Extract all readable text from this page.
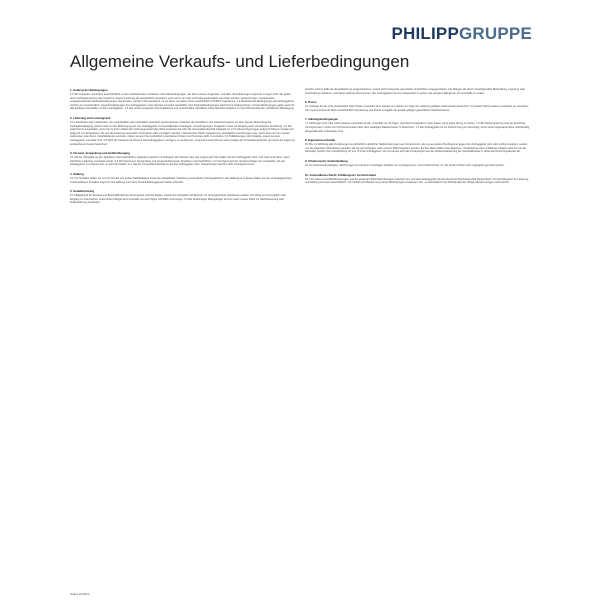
PHILIPPGRUPPE
Allgemeine Verkaufs- und Lieferbedingungen
1. Geltung der Bedingungen

1.1 Wir verkaufen und liefern ausschließlich zu den nachstehenden Verkaufs- und Lieferbedingungen, die über unseren Angeboten und allen Vereinbarungen zugrunde zu legen sind. Sie gelten durch Auftragserteilung oder Annahme unserer Lieferung als ausdrücklich anerkannt, auch wenn sie nicht nochmals ausdrücklich vereinbart werden. Abweichungen, insbesondere entgegenstehende Einkaufsbedingungen des Kunden, werden nicht anerkannt, es sei denn, wir haben ihnen ausdrücklich schriftlich zugestimmt. 1.2 Abweichende Bedingungen des Auftraggebers sind für uns unverbindlich. Gegenbestätigungen des Auftraggebers unter Hinweis auf seine Geschäfts- bzw. Einkaufsbedingungen wird hiermit widersprochen. Unsere Bedingungen gelten auch für alle künftigen Geschäfte mit dem Auftraggeber. 1.3 Alle unsere Angebote sind freibleibend und unverbindlich. Mündliche Nebenabreden bedürfen zu ihrer Wirksamkeit der schriftlichen Bestätigung.

2. Lieferung und Leistungszeit

2.1 Lieferfristen oder Lieferzeiten, die unverbindlich oder verbindlich vereinbart werden können, bedürfen der Schriftform. Die Lieferfrist beginnt mit dem Tag der Absendung der Auftragsbestätigung, jedoch nicht vor der Beibringung der vom Auftraggeber zu beschaffenden Unterlagen, Genehmigungen, Freigaben sowie vor Eingang einer vereinbarten Anzahlung. 2.2 Die Lieferfrist ist eingehalten, wenn bis zu ihrem Ablauf der Liefergegenstand das Werk verlassen hat oder die Versandbereitschaft mitgeteilt ist. 2.3 Lieferverzögerungen aufgrund höherer Gewalt und aufgrund von Ereignissen, die uns die Lieferung wesentlich erschweren oder unmöglich machen, insbesondere Streik, Aussperrung, behördliche Anordnungen usw., auch wenn sie bei unseren Lieferanten oder deren Unterlieferanten eintreten, haben wir auch bei verbindlich vereinbarten Fristen und Terminen nicht zu vertreten. 2.4 Teillieferungen sind zulässig, soweit sie dem Auftraggeber zumutbar sind. 2.5 Wird der Versand auf Wunsch des Auftraggebers verzögert, so werden ihm, beginnend einen Monat nach Anzeige der Versandbereitschaft, die durch die Lagerung entstandenen Kosten berechnet.

3. Versand, Verpackung und Gefahrübergang

3.1 Mit der Übergabe an den Spediteur oder Frachtführer, spätestens jedoch mit Verlassen des Werkes oder des Lagers geht die Gefahr auf den Auftraggeber über, und zwar auch dann, wenn frachtfreie Lieferung vereinbart wurde. 3.2 Wir bestimmen Versandweg und Versandmittel sowie Spediteur und Frachtführer. 3.3 Verzögert sich der Versand infolge von Umständen, die der Auftraggeber zu vertreten hat, so geht die Gefahr vom Tag der Versandbereitschaft an auf den Auftraggeber über. Verpackungen werden nicht zurückgenommen.

4. Haftung

4.1 Für Schäden haften wir nur bei Vorsatz und grober Fahrlässigkeit sowie bei schuldhafter Verletzung wesentlicher Vertragspflichten. Die Haftung ist in diesen Fällen auf den vertragstypischen, vorhersehbaren Schaden begrenzt. Die Haftung nach dem Produkthaftungsgesetz bleibt unberührt.

5. Gewährleistung

5.1 Maßgebend für Zustand und Beschaffenheit der Erzeugnisse sind die Muster, welche dem Besteller auf Wunsch vor Vertragsschluss überlassen werden. Die Ware ist unverzüglich nach Eingang zu untersuchen. Erkennbare Mängel sind innerhalb von acht Tagen schriftlich anzuzeigen. 5.2 Bei berechtigten Mängelrügen sind wir nach unserer Wahl zur Nachbesserung oder Ersatzlieferung berechtigt.

sprüche sind im Falle der Ersatzlieferung ausgeschlossen, soweit nicht zwingende gesetzliche Vorschriften entgegenstehen. Für Mängel, die durch unsachgemäße Behandlung, Lagerung oder Verarbeitung entstehen, wird keine Haftung übernommen. Der Auftraggeber hat uns Gelegenheit zu geben, die gerügten Mängel an Ort und Stelle zu prüfen.

6. Preise

6.1 Auftrage für die nicht ausdrücklich feste Preise vereinbart sind, werden zu unseren am Tage der Lieferung gültigen Listenpreisen berechnet. 6.2 Soweit nichts anderes vereinbart ist, verstehen sich unsere Preise ab Werk ausschließlich Verpackung und Fracht zuzüglich der jeweils gültigen gesetzlichen Mehrwertsteuer.

7. Zahlungsbedingungen

7.1 Zahlungen sind, falls nichts anderes vereinbart wurde, innerhalb von 30 Tagen nach Rechnungsdatum netto Kasse, ohne jeden Abzug zu leisten. 7.2 Bei Zahlungsverzug sind wir berechtigt, Verzugszinsen in Höhe von 8 Prozentpunkten über dem jeweiligen Basiszinssatz zu berechnen. 7.3 Der Auftraggeber ist zur Aufrechnung nur berechtigt, wenn seine Gegenansprüche rechtskräftig festgestellt oder unbestritten sind.

8. Eigentumsvorbehalt

8.1 Bis zur Erfüllung aller Forderungen einschließlich sämtlicher Saldoforderungen aus Kontokorrent, die uns aus jedem Rechtsgrund gegen den Auftraggeber jetzt oder künftig zustehen, werden uns die folgenden Sicherheiten gewährt, die wir auf Verlangen nach unserer Wahl freigeben werden. 8.2 Die Ware bleibt unser Eigentum. Verarbeitung oder Umbildung erfolgen stets für uns als Hersteller, jedoch ohne Verpflichtung für uns. 8.3 Der Auftraggeber tritt uns bereits jetzt alle Forderungen aus der Weiterveräußerung der Vorbehaltsware in Höhe des Rechnungswertes ab.

9. Urheberrecht, Geheimhaltung

9.1 An Kostenvoranschlägen, Zeichnungen und anderen Unterlagen behalten wir uns Eigentums- und Urheberrechte vor. Sie dürfen Dritten nicht zugänglich gemacht werden.

10. Anwendbares Recht, Erfüllungsort, Gerichtsstand

10.1 Für diese Geschäftsbedingungen und die gesamten Rechtsbeziehungen zwischen uns und dem Auftraggeber gilt das Recht der Bundesrepublik Deutschland. 10.2 Erfüllungsort für Lieferung und Zahlung ist unser Geschäftssitz. 10.3 Sollte eine Bestimmung dieser Bedingungen unwirksam sein, so wird dadurch die Wirksamkeit der übrigen Bestimmungen nicht berührt.

Stand 10/2014
